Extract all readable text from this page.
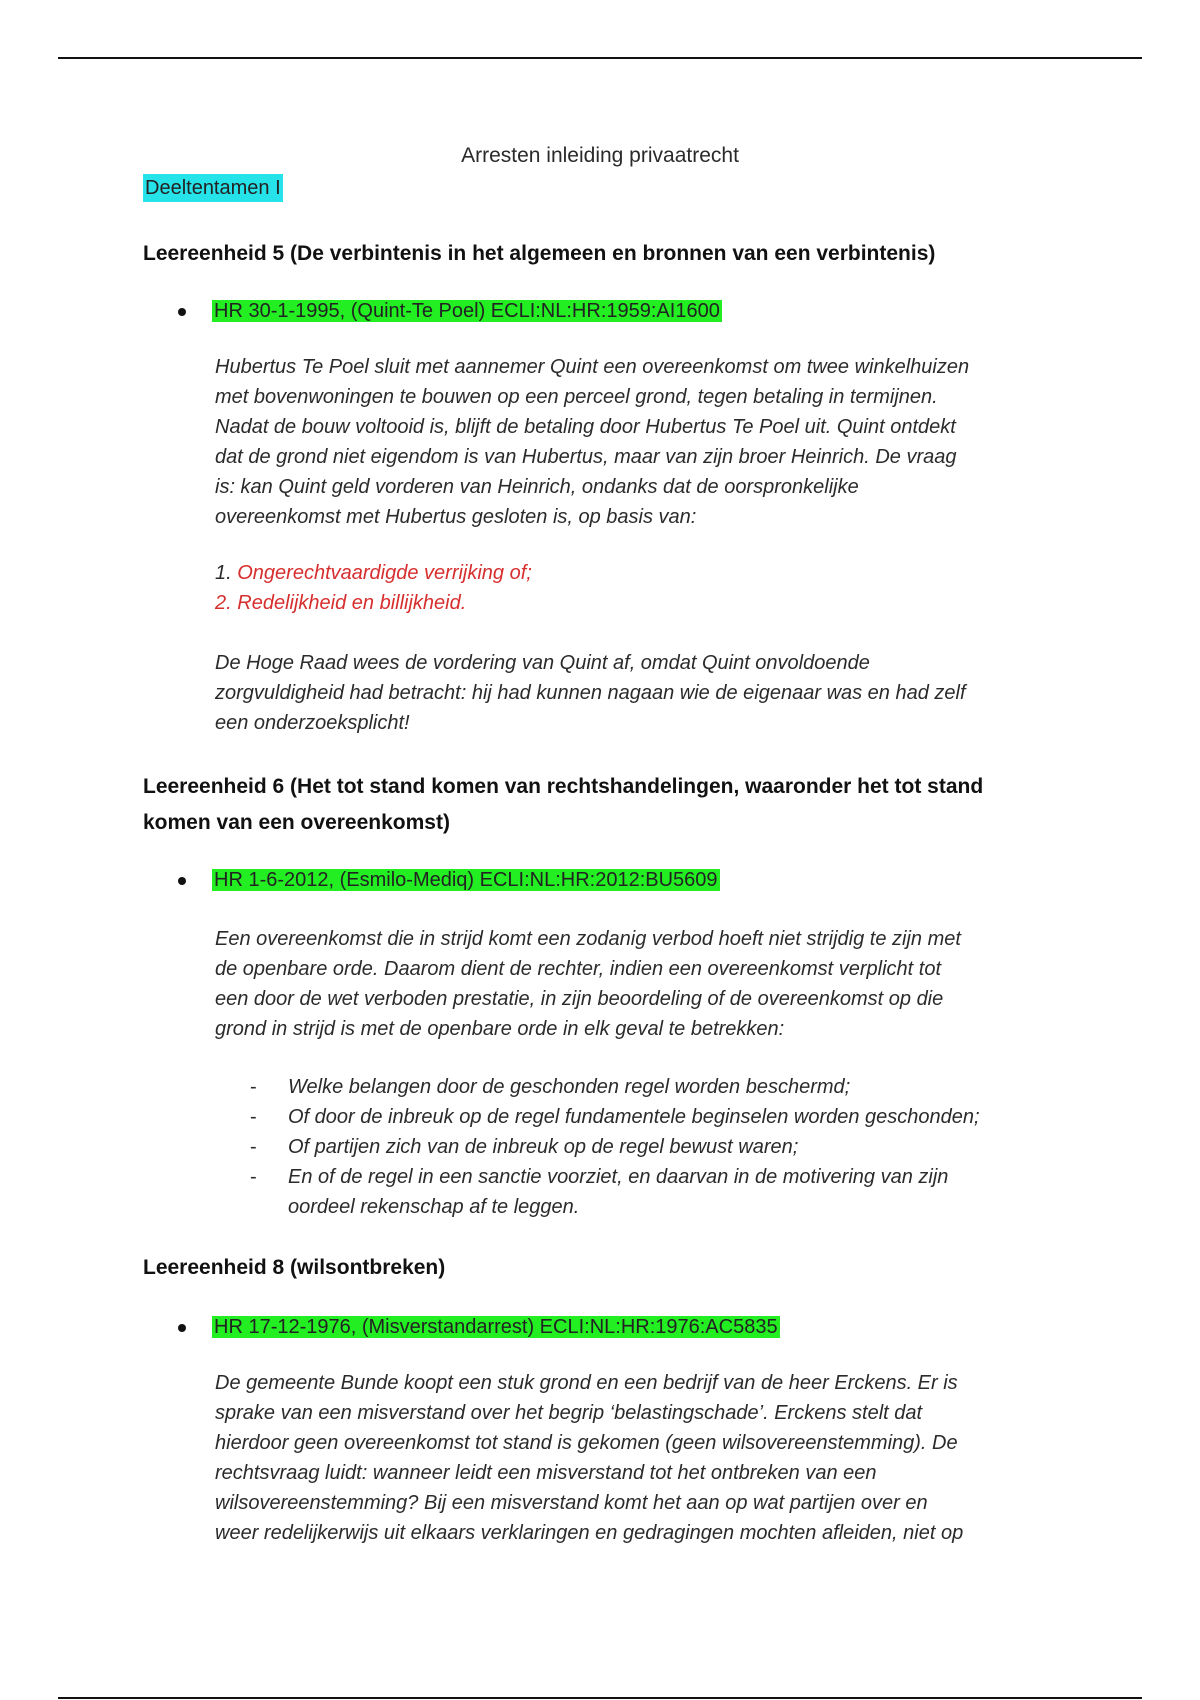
Arresten inleiding privaatrecht
Deeltentamen I
Leereenheid 5 (De verbintenis in het algemeen en bronnen van een verbintenis)
HR 30-1-1995, (Quint-Te Poel) ECLI:NL:HR:1959:AI1600

Hubertus Te Poel sluit met aannemer Quint een overeenkomst om twee winkelhuizen
met bovenwoningen te bouwen op een perceel grond, tegen betaling in termijnen.
Nadat de bouw voltooid is, blijft de betaling door Hubertus Te Poel uit. Quint ontdekt
dat de grond niet eigendom is van Hubertus, maar van zijn broer Heinrich. De vraag
is: kan Quint geld vorderen van Heinrich, ondanks dat de oorspronkelijke
overeenkomst met Hubertus gesloten is, op basis van:

1. Ongerechtvaardigde verrijking of;
2. Redelijkheid en billijkheid.

De Hoge Raad wees de vordering van Quint af, omdat Quint onvoldoende
zorgvuldigheid had betracht: hij had kunnen nagaan wie de eigenaar was en had zelf
een onderzoeksplicht!

Leereenheid 6 (Het tot stand komen van rechtshandelingen, waaronder het tot stand
komen van een overeenkomst)
HR 1-6-2012, (Esmilo-Mediq) ECLI:NL:HR:2012:BU5609

Een overeenkomst die in strijd komt een zodanig verbod hoeft niet strijdig te zijn met
de openbare orde. Daarom dient de rechter, indien een overeenkomst verplicht tot
een door de wet verboden prestatie, in zijn beoordeling of de overeenkomst op die
grond in strijd is met de openbare orde in elk geval te betrekken:

- Welke belangen door de geschonden regel worden beschermd;
- Of door de inbreuk op de regel fundamentele beginselen worden geschonden;
- Of partijen zich van de inbreuk op de regel bewust waren;
- En of de regel in een sanctie voorziet, en daarvan in de motivering van zijn
oordeel rekenschap af te leggen.
Leereenheid 8 (wilsontbreken)
HR 17-12-1976, (Misverstandarrest) ECLI:NL:HR:1976:AC5835

De gemeente Bunde koopt een stuk grond en een bedrijf van de heer Erckens. Er is
sprake van een misverstand over het begrip ‘belastingschade’. Erckens stelt dat
hierdoor geen overeenkomst tot stand is gekomen (geen wilsovereenstemming). De
rechtsvraag luidt: wanneer leidt een misverstand tot het ontbreken van een
wilsovereenstemming? Bij een misverstand komt het aan op wat partijen over en
weer redelijkerwijs uit elkaars verklaringen en gedragingen mochten afleiden, niet op
